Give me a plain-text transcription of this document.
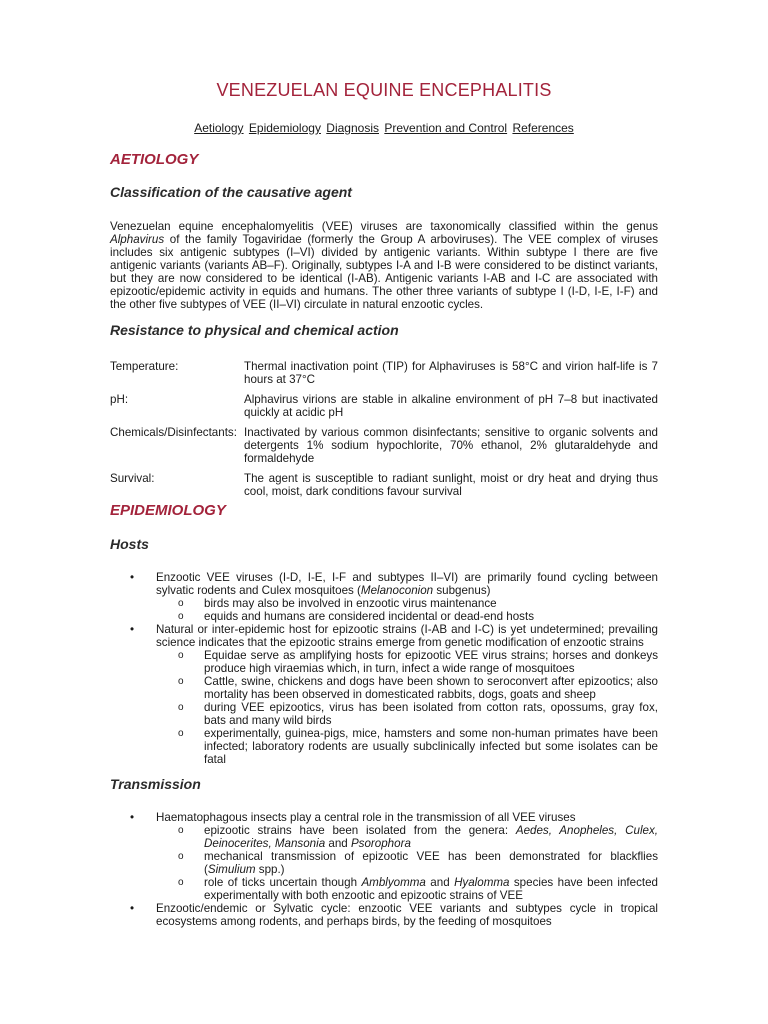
VENEZUELAN EQUINE ENCEPHALITIS
Aetiology Epidemiology Diagnosis Prevention and Control References
AETIOLOGY
Classification of the causative agent

Venezuelan equine encephalomyelitis (VEE) viruses are taxonomically classified within the genus Alphavirus of the family Togaviridae (formerly the Group A arboviruses). The VEE complex of viruses includes six antigenic subtypes (I–VI) divided by antigenic variants. Within subtype I there are five antigenic variants (variants AB–F). Originally, subtypes I-A and I-B were considered to be distinct variants, but they are now considered to be identical (I-AB). Antigenic variants I-AB and I-C are associated with epizootic/epidemic activity in equids and humans. The other three variants of subtype I (I-D, I-E, I-F) and the other five subtypes of VEE (II–VI) circulate in natural enzootic cycles.

Resistance to physical and chemical action
Temperature:	Thermal inactivation point (TIP) for Alphaviruses is 58°C and virion half-life is 7 hours at 37°C
pH:	Alphavirus virions are stable in alkaline environment of pH 7–8 but inactivated quickly at acidic pH
Chemicals/Disinfectants: Inactivated by various common disinfectants; sensitive to organic solvents and detergents 1% sodium hypochlorite, 70% ethanol, 2% glutaraldehyde and formaldehyde
Survival:	The agent is susceptible to radiant sunlight, moist or dry heat and drying thus cool, moist, dark conditions favour survival
EPIDEMIOLOGY
Hosts
• Enzootic VEE viruses (I-D, I-E, I-F and subtypes II–VI) are primarily found cycling between sylvatic rodents and Culex mosquitoes (Melanoconion subgenus)
o birds may also be involved in enzootic virus maintenance
o equids and humans are considered incidental or dead-end hosts
• Natural or inter-epidemic host for epizootic strains (I-AB and I-C) is yet undetermined; prevailing science indicates that the epizootic strains emerge from genetic modification of enzootic strains
o Equidae serve as amplifying hosts for epizootic VEE virus strains; horses and donkeys produce high viraemias which, in turn, infect a wide range of mosquitoes
o Cattle, swine, chickens and dogs have been shown to seroconvert after epizootics; also mortality has been observed in domesticated rabbits, dogs, goats and sheep
o during VEE epizootics, virus has been isolated from cotton rats, opossums, gray fox, bats and many wild birds
o experimentally, guinea-pigs, mice, hamsters and some non-human primates have been infected; laboratory rodents are usually subclinically infected but some isolates can be fatal
Transmission
• Haematophagous insects play a central role in the transmission of all VEE viruses
o epizootic strains have been isolated from the genera: Aedes, Anopheles, Culex, Deinocerites, Mansonia and Psorophora
o mechanical transmission of epizootic VEE has been demonstrated for blackflies (Simulium spp.)
o role of ticks uncertain though Amblyomma and Hyalomma species have been infected experimentally with both enzootic and epizootic strains of VEE
• Enzootic/endemic or Sylvatic cycle: enzootic VEE variants and subtypes cycle in tropical ecosystems among rodents, and perhaps birds, by the feeding of mosquitoes
